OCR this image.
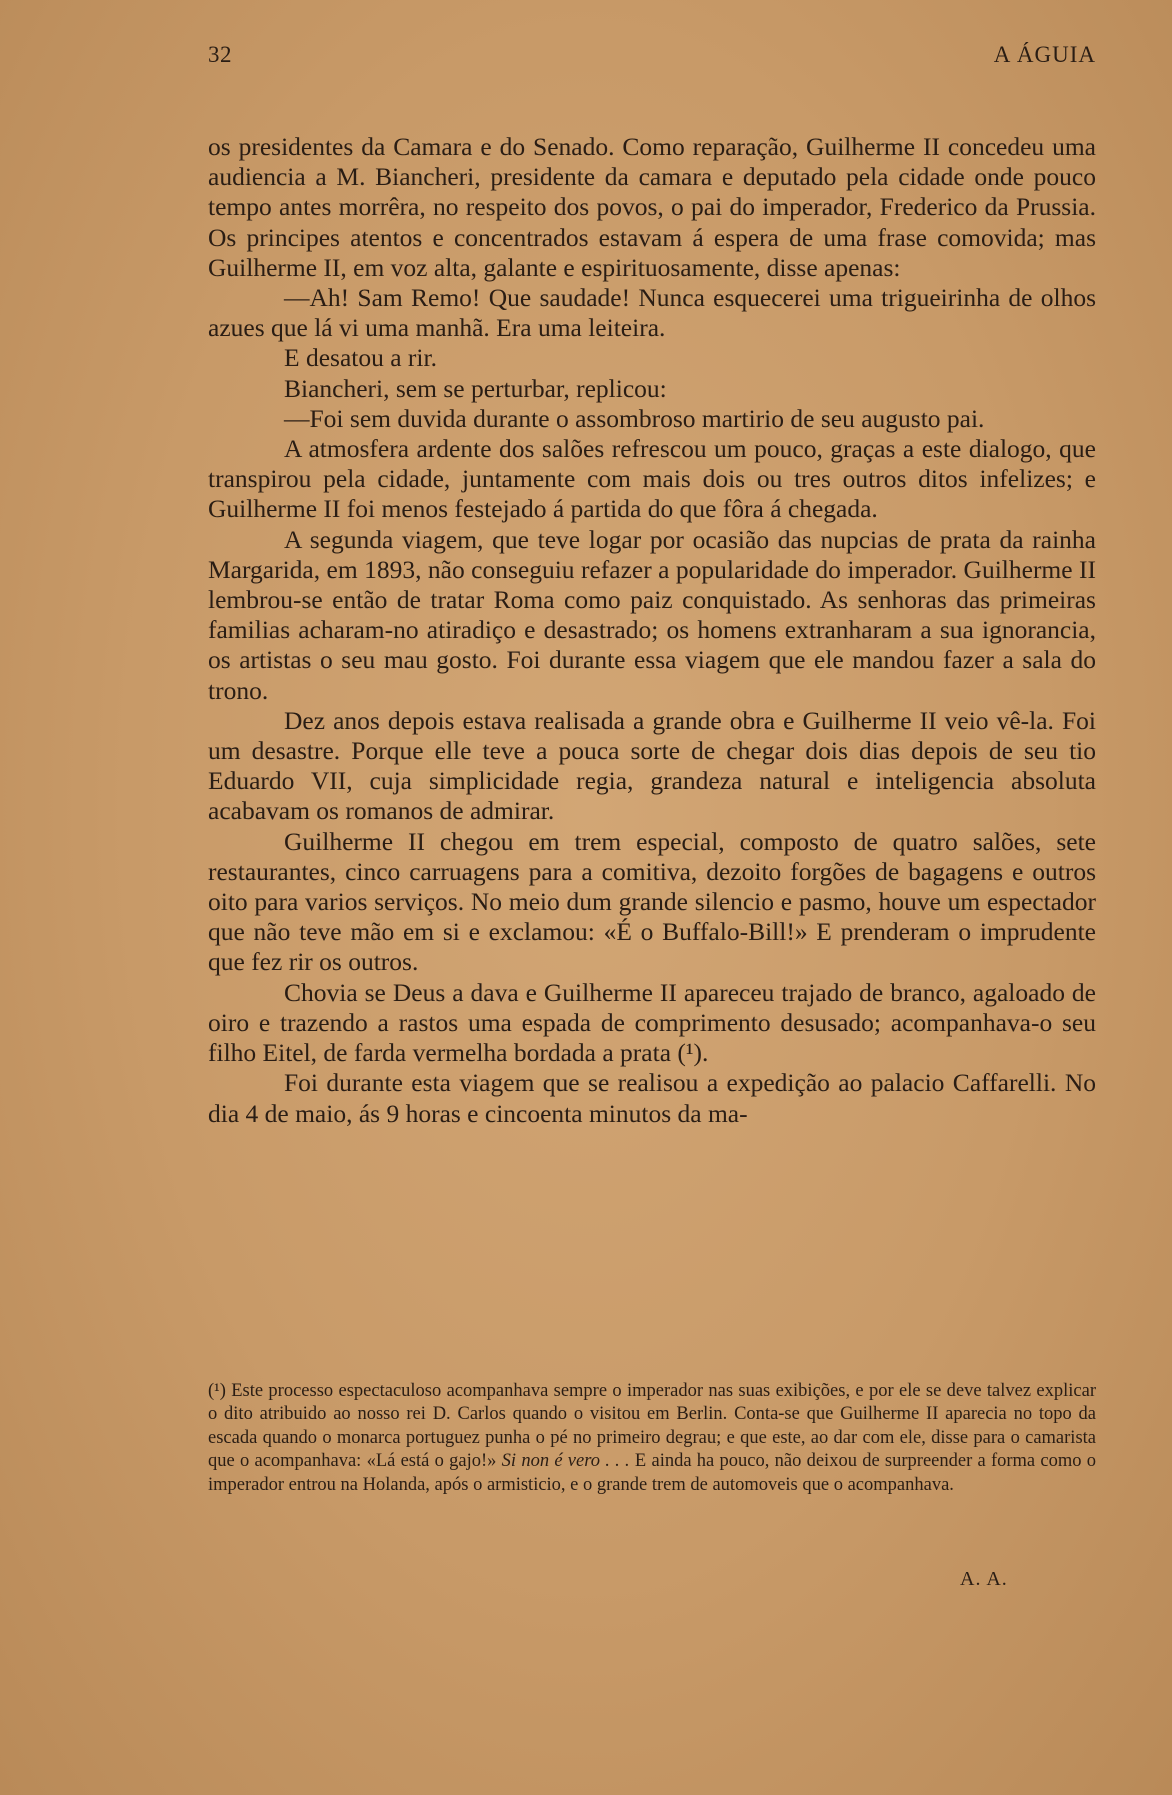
32	A ÁGUIA

os presidentes da Camara e do Senado. Como reparação, Guilherme II concedeu uma audiencia a M. Biancheri, presidente da camara e deputado pela cidade onde pouco tempo antes morrêra, no respeito dos povos, o pai do imperador, Frederico da Prussia. Os principes atentos e concentrados estavam á espera de uma frase comovida; mas Guilherme II, em voz alta, galante e espirituosamente, disse apenas:

—Ah! Sam Remo! Que saudade! Nunca esquecerei uma trigueirinha de olhos azues que lá vi uma manhã. Era uma leiteira.

E desatou a rir.

Biancheri, sem se perturbar, replicou:

—Foi sem duvida durante o assombroso martirio de seu augusto pai.

A atmosfera ardente dos salões refrescou um pouco, graças a este dialogo, que transpirou pela cidade, juntamente com mais dois ou tres outros ditos infelizes; e Guilherme II foi menos festejado á partida do que fôra á chegada.

A segunda viagem, que teve logar por ocasião das nupcias de prata da rainha Margarida, em 1893, não conseguiu refazer a popularidade do imperador. Guilherme II lembrou-se então de tratar Roma como paiz conquistado. As senhoras das primeiras familias acharam-no atiradiço e desastrado; os homens extranharam a sua ignorancia, os artistas o seu mau gosto. Foi durante essa viagem que ele mandou fazer a sala do trono.

Dez anos depois estava realisada a grande obra e Guilherme II veio vê-la. Foi um desastre. Porque elle teve a pouca sorte de chegar dois dias depois de seu tio Eduardo VII, cuja simplicidade regia, grandeza natural e inteligencia absoluta acabavam os romanos de admirar.

Guilherme II chegou em trem especial, composto de quatro salões, sete restaurantes, cinco carruagens para a comitiva, dezoito forgões de bagagens e outros oito para varios serviços. No meio dum grande silencio e pasmo, houve um espectador que não teve mão em si e exclamou: «É o Buffalo-Bill!» E prenderam o imprudente que fez rir os outros.

Chovia se Deus a dava e Guilherme II apareceu trajado de branco, agaloado de oiro e trazendo a rastos uma espada de comprimento desusado; acompanhava-o seu filho Eitel, de farda vermelha bordada a prata (¹).

Foi durante esta viagem que se realisou a expedição ao palacio Caffarelli. No dia 4 de maio, ás 9 horas e cincoenta minutos da ma-

(¹) Este processo espectaculoso acompanhava sempre o imperador nas suas exibições, e por ele se deve talvez explicar o dito atribuido ao nosso rei D. Carlos quando o visitou em Berlin. Conta-se que Guilherme II aparecia no topo da escada quando o monarca portuguez punha o pé no primeiro degrau; e que este, ao dar com ele, disse para o camarista que o acompanhava: «Lá está o gajo!» Si non é vero . . . E ainda ha pouco, não deixou de surpreender a forma como o imperador entrou na Holanda, após o armisticio, e o grande trem de automoveis que o acompanhava.

A. A.
